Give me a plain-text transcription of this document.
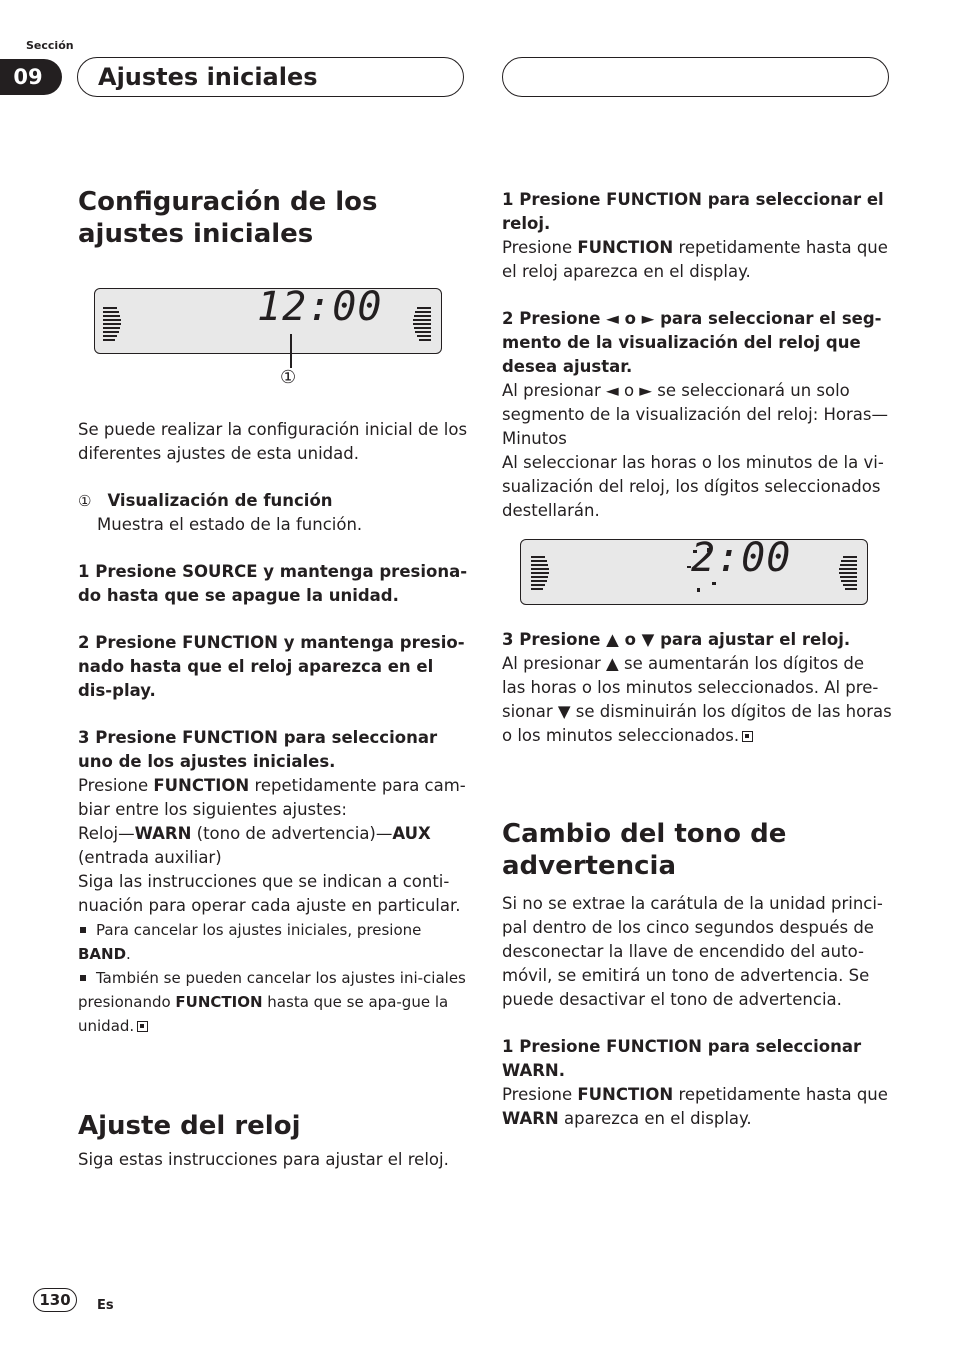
Sección
09	Ajustes iniciales
Configuración de los ajustes iniciales
12:00
①

Se puede realizar la configuración inicial de los diferentes ajustes de esta unidad.

① Visualización de función

Muestra el estado de la función.

1 Presione SOURCE y mantenga presiona-do hasta que se apague la unidad.

2 Presione FUNCTION y mantenga presio-nado hasta que el reloj aparezca en el dis-play.

3 Presione FUNCTION para seleccionar uno de los ajustes iniciales.

Presione FUNCTION repetidamente para cam-biar entre los siguientes ajustes:

Reloj—WARN (tono de advertencia)—AUX (entrada auxiliar)

Siga las instrucciones que se indican a conti-nuación para operar cada ajuste en particular.

Para cancelar los ajustes iniciales, presione BAND.

También se pueden cancelar los ajustes ini-ciales presionando FUNCTION hasta que se apa-gue la unidad.

Ajuste del reloj

Siga estas instrucciones para ajustar el reloj.

1 Presione FUNCTION para seleccionar el reloj.

Presione FUNCTION repetidamente hasta que el reloj aparezca en el display.

2 Presione ◄ o ► para seleccionar el seg-mento de la visualización del reloj que desea ajustar.

Al presionar ◄ o ► se seleccionará un solo segmento de la visualización del reloj: Horas—Minutos

Al seleccionar las horas o los minutos de la vi-sualización del reloj, los dígitos seleccionados destellarán.

2:00

3 Presione ▲ o ▼ para ajustar el reloj.

Al presionar ▲ se aumentarán los dígitos de las horas o los minutos seleccionados. Al pre-sionar ▼ se disminuirán los dígitos de las horas o los minutos seleccionados.

Cambio del tono de advertencia

Si no se extrae la carátula de la unidad princi-pal dentro de los cinco segundos después de desconectar la llave de encendido del auto-móvil, se emitirá un tono de advertencia. Se puede desactivar el tono de advertencia.

1 Presione FUNCTION para seleccionar WARN.

Presione FUNCTION repetidamente hasta que WARN aparezca en el display.

130	Es
